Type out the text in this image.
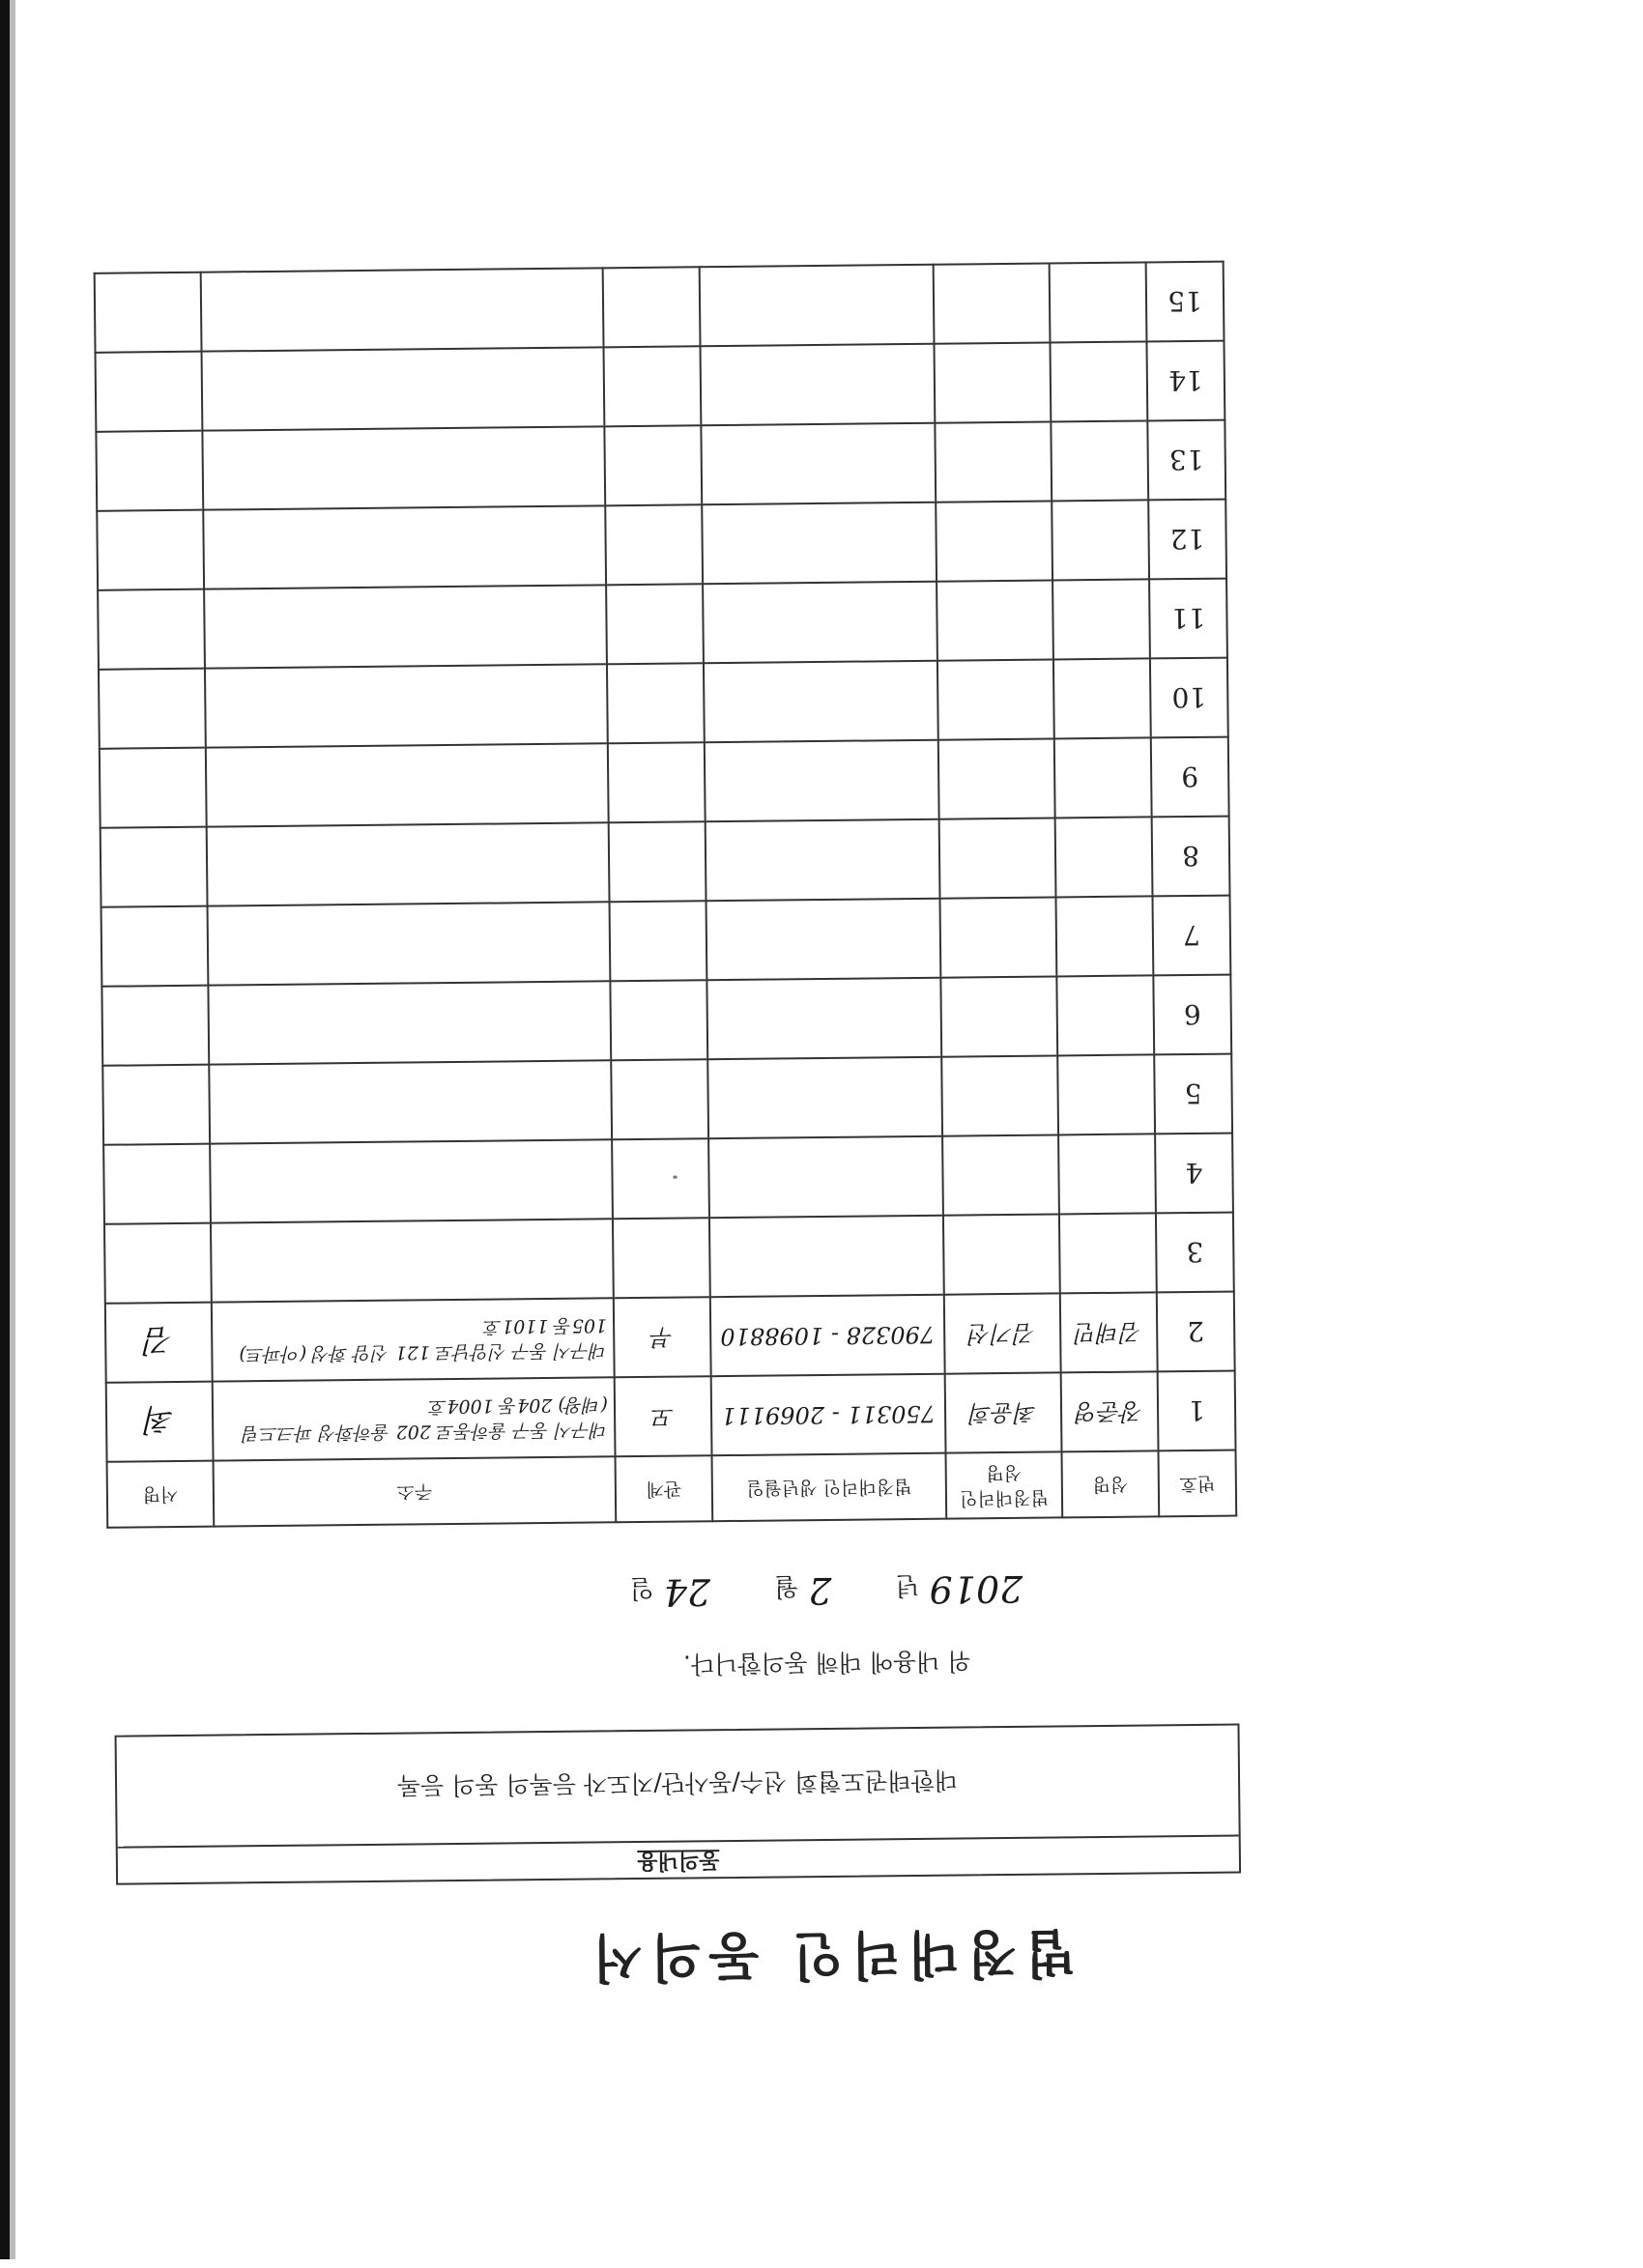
법정대리인 동의서
동의내용
대한태권도협회 선수/동사단/지도자 등록의 동의 등록
위 내용에 대해 동의합니다.
2019
년
2
월
24
일
번호	성명	법정대리인 성명	법정대리인 생년월일	관계	주소	서명
1	장준영	최윤희	750311 - 2069111	모	대구시 동구 율하동로 202 율하화성 파크드림 (태왕) 204동 1004호	최
2	김태민	김기선	790328 - 1098810	부	대구시 동구 신암남로 121 신암 화성 (아파트) 105동 1101호	김
3						
4						
5						
6						
7						
8						
9						
10						
11						
12						
13						
14						
15						
